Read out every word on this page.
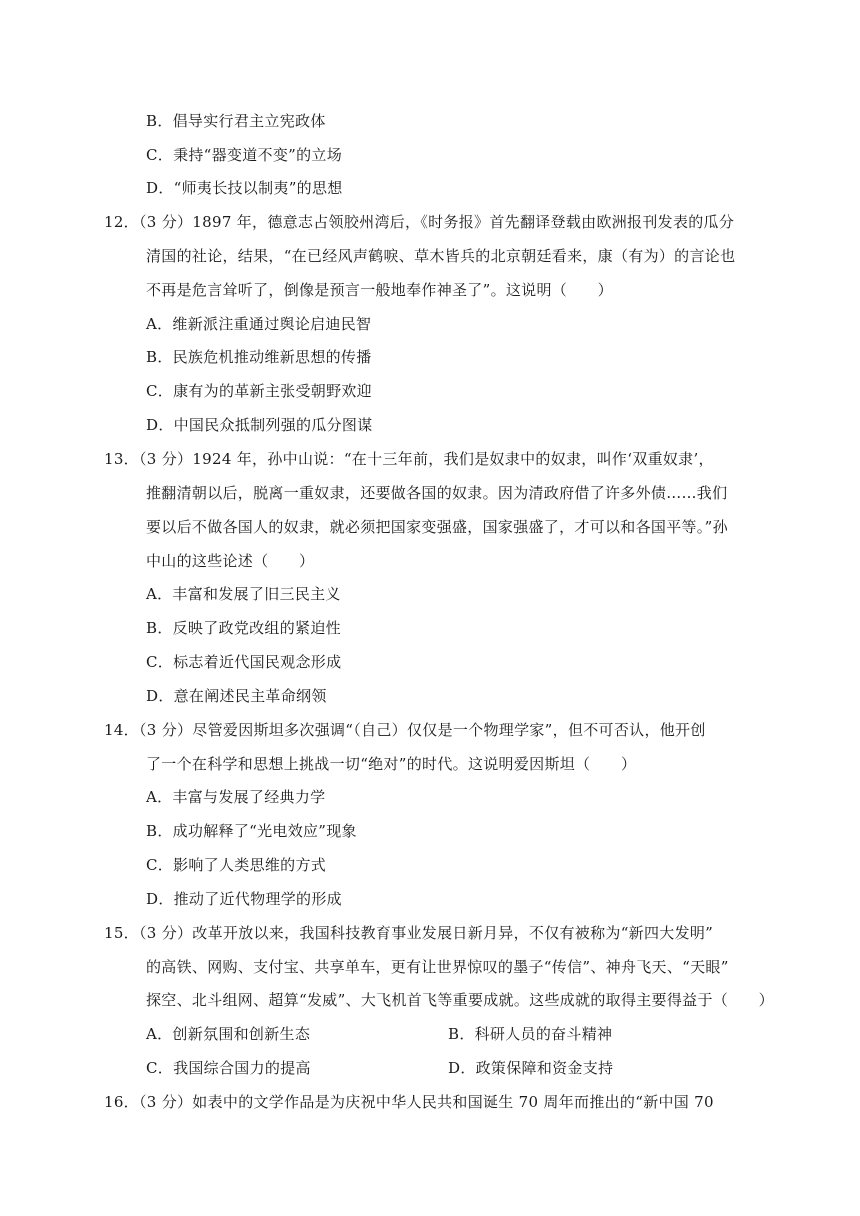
B．倡导实行君主立宪政体
C．秉持“器变道不变”的立场
D．“师夷长技以制夷”的思想
12．（3 分）1897 年，德意志占领胶州湾后，《时务报》首先翻译登载由欧洲报刊发表的瓜分
清国的社论，结果，“在已经风声鹤唳、草木皆兵的北京朝廷看来，康（有为）的言论也
不再是危言耸听了，倒像是预言一般地奉作神圣了”。这说明（　　）
A．维新派注重通过舆论启迪民智
B．民族危机推动维新思想的传播
C．康有为的革新主张受朝野欢迎
D．中国民众抵制列强的瓜分图谋
13．（3 分）1924 年，孙中山说：“在十三年前，我们是奴隶中的奴隶，叫作‘双重奴隶’，
推翻清朝以后，脱离一重奴隶，还要做各国的奴隶。因为清政府借了许多外债……我们
要以后不做各国人的奴隶，就必须把国家变强盛，国家强盛了，才可以和各国平等。”孙
中山的这些论述（　　）
A．丰富和发展了旧三民主义
B．反映了政党改组的紧迫性
C．标志着近代国民观念形成
D．意在阐述民主革命纲领
14．（3 分）尽管爱因斯坦多次强调“（自己）仅仅是一个物理学家”，但不可否认，他开创
了一个在科学和思想上挑战一切“绝对”的时代。这说明爱因斯坦（　　）
A．丰富与发展了经典力学
B．成功解释了“光电效应”现象
C．影响了人类思维的方式
D．推动了近代物理学的形成
15．（3 分）改革开放以来，我国科技教育事业发展日新月异，不仅有被称为“新四大发明”
的高铁、网购、支付宝、共享单车，更有让世界惊叹的墨子“传信”、神舟飞天、“天眼”
探空、北斗组网、超算“发威”、大飞机首飞等重要成就。这些成就的取得主要得益于（　　）
A．创新氛围和创新生态	B．科研人员的奋斗精神
C．我国综合国力的提高	D．政策保障和资金支持
16．（3 分）如表中的文学作品是为庆祝中华人民共和国诞生 70 周年而推出的“新中国 70
